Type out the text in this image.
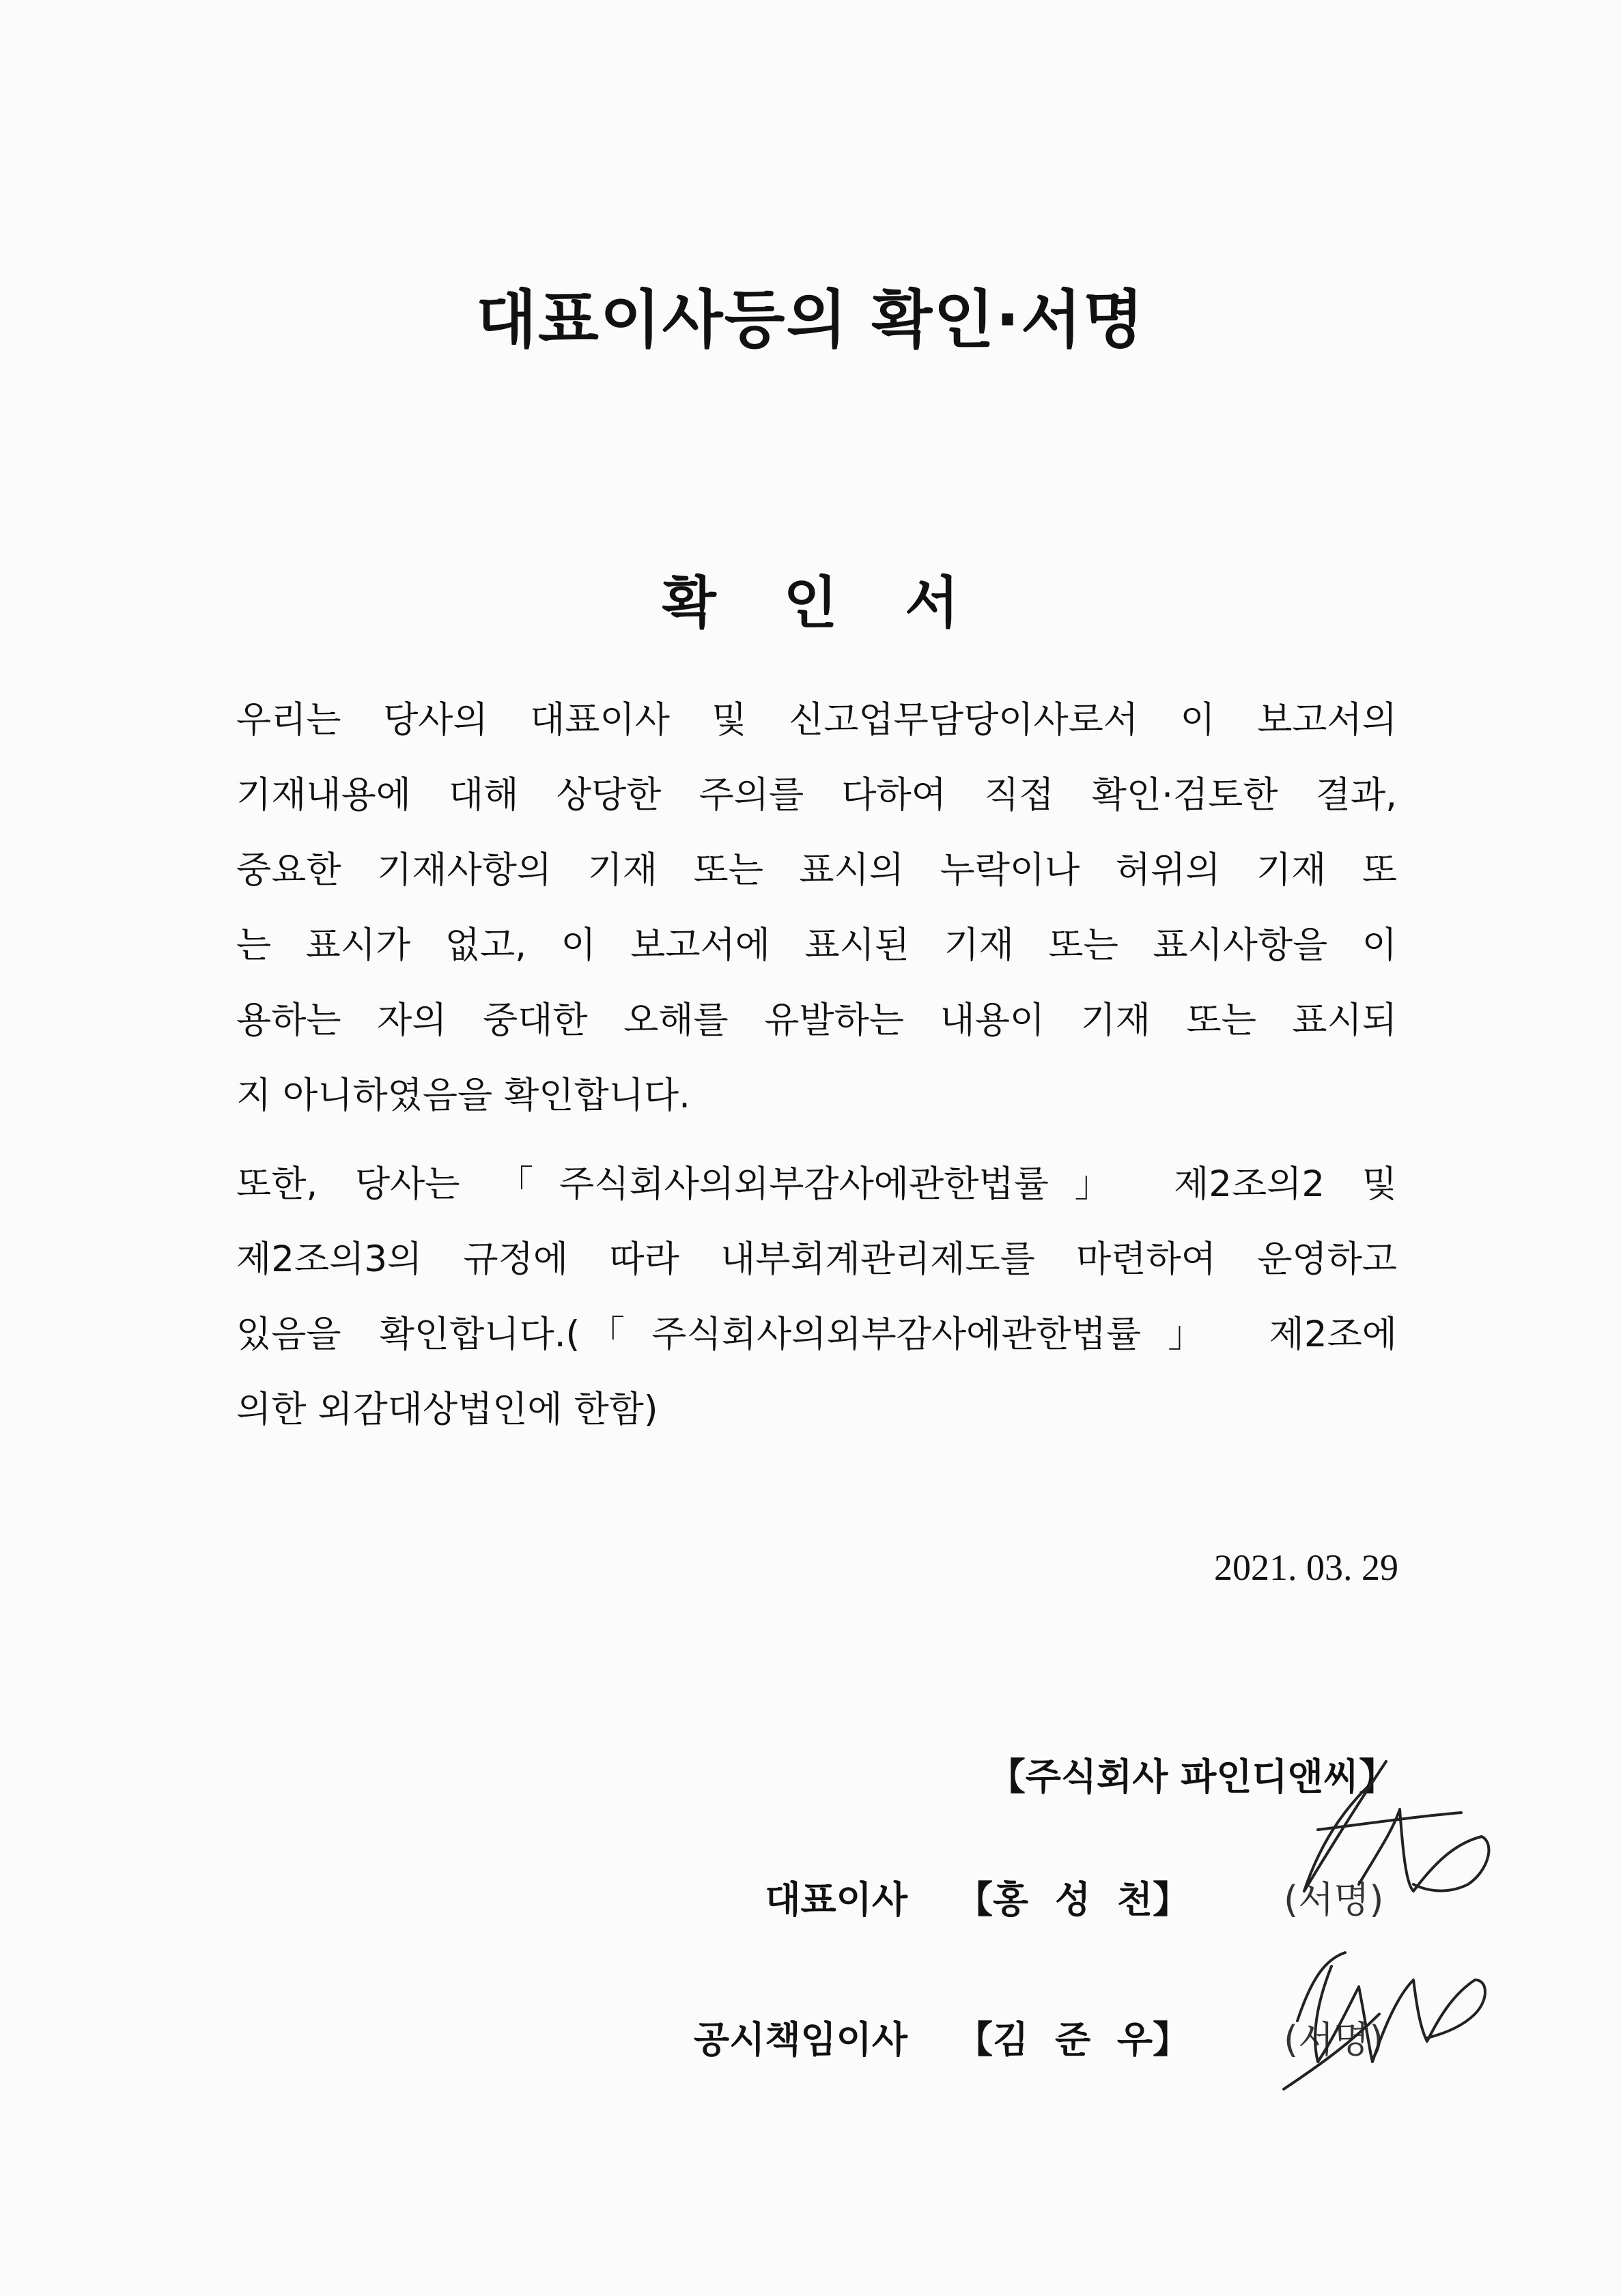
대표이사등의 확인·서명
확 인 서
우리는 당사의 대표이사 및 신고업무담당이사로서 이 보고서의
기재내용에 대해 상당한 주의를 다하여 직접 확인·검토한 결과,
중요한 기재사항의 기재 또는 표시의 누락이나 허위의 기재 또
는 표시가 없고, 이 보고서에 표시된 기재 또는 표시사항을 이
용하는 자의 중대한 오해를 유발하는 내용이 기재 또는 표시되
지 아니하였음을 확인합니다.
또한, 당사는 「주식회사의외부감사에관한법률」 제2조의2 및
제2조의3의 규정에 따라 내부회계관리제도를 마련하여 운영하고
있음을 확인합니다.(「주식회사의외부감사에관한법률」 제2조에
의한 외감대상법인에 한함)
2021. 03. 29
【주식회사 파인디앤씨】
대표이사 【홍 성 천】	(서명)
공시책임이사 【김 준 우】	(서명)
